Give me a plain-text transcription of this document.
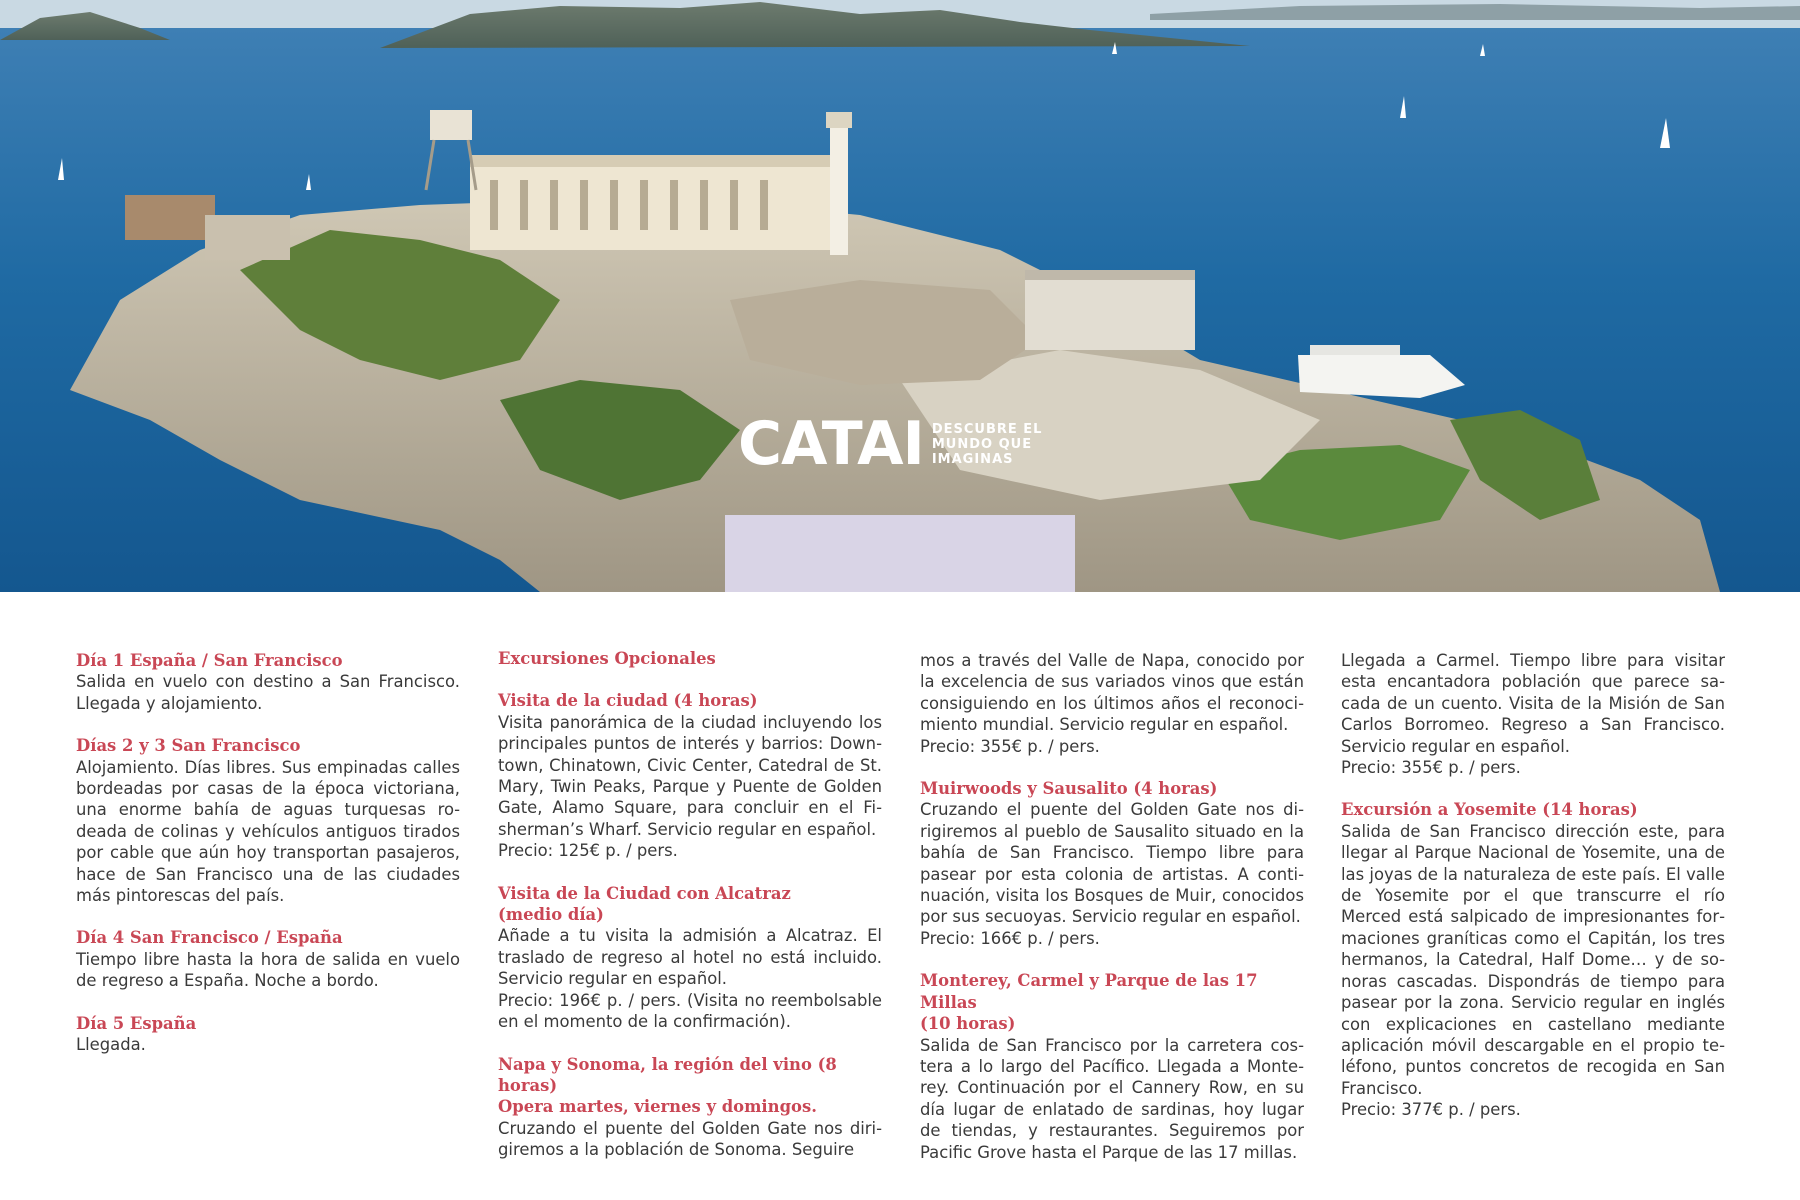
CATAI DESCUBRE EL
MUNDO QUE
IMAGINAS
Día 1 España / San Francisco

Salida en vuelo con destino a San Francisco. Llegada y alojamiento.

Días 2 y 3 San Francisco

Alojamiento. Días libres. Sus empinadas calles bordeadas por casas de la época victoriana, una enorme bahía de aguas turquesas rodeada de colinas y vehículos antiguos tirados por cable que aún hoy transportan pasajeros, hace de San Francisco una de las ciudades más pintorescas del país.

Día 4 San Francisco / España

Tiempo libre hasta la hora de salida en vuelo de regreso a España. Noche a bordo.

Día 5 España

Llegada.

Excursiones Opcionales
Visita de la ciudad (4 horas)

Visita panorámica de la ciudad incluyendo los principales puntos de interés y barrios: Downtown, Chinatown, Civic Center, Catedral de St. Mary, Twin Peaks, Parque y Puente de Golden Gate, Alamo Square, para concluir en el Fisherman’s Wharf. Servicio regular en español.

Precio: 125€ p. / pers.

Visita de la Ciudad con Alcatraz
(medio día)

Añade a tu visita la admisión a Alcatraz. El traslado de regreso al hotel no está incluido. Servicio regular en español.

Precio: 196€ p. / pers. (Visita no reembolsable en el momento de la confirmación).

Napa y Sonoma, la región del vino (8 horas)
Opera martes, viernes y domingos.

Cruzando el puente del Golden Gate nos dirigiremos a la población de Sonoma. Seguire

mos a través del Valle de Napa, conocido por la excelencia de sus variados vinos que están consiguiendo en los últimos años el reconocimiento mundial. Servicio regular en español.

Precio: 355€ p. / pers.

Muirwoods y Sausalito (4 horas)

Cruzando el puente del Golden Gate nos dirigiremos al pueblo de Sausalito situado en la bahía de San Francisco. Tiempo libre para pasear por esta colonia de artistas. A continuación, visita los Bosques de Muir, conocidos por sus secuoyas. Servicio regular en español.

Precio: 166€ p. / pers.

Monterey, Carmel y Parque de las 17 Millas
(10 horas)

Salida de San Francisco por la carretera costera a lo largo del Pacífico. Llegada a Monterey. Continuación por el Cannery Row, en su día lugar de enlatado de sardinas, hoy lugar de tiendas, y restaurantes. Seguiremos por Pacific Grove hasta el Parque de las 17 millas.

Llegada a Carmel. Tiempo libre para visitar esta encantadora población que parece sacada de un cuento. Visita de la Misión de San Carlos Borromeo. Regreso a San Francisco. Servicio regular en español.

Precio: 355€ p. / pers.

Excursión a Yosemite (14 horas)

Salida de San Francisco dirección este, para llegar al Parque Nacional de Yosemite, una de las joyas de la naturaleza de este país. El valle de Yosemite por el que transcurre el río Merced está salpicado de impresionantes formaciones graníticas como el Capitán, los tres hermanos, la Catedral, Half Dome… y de sonoras cascadas. Dispondrás de tiempo para pasear por la zona. Servicio regular en inglés con explicaciones en castellano mediante aplicación móvil descargable en el propio teléfono, puntos concretos de recogida en San Francisco.

Precio: 377€ p. / pers.
